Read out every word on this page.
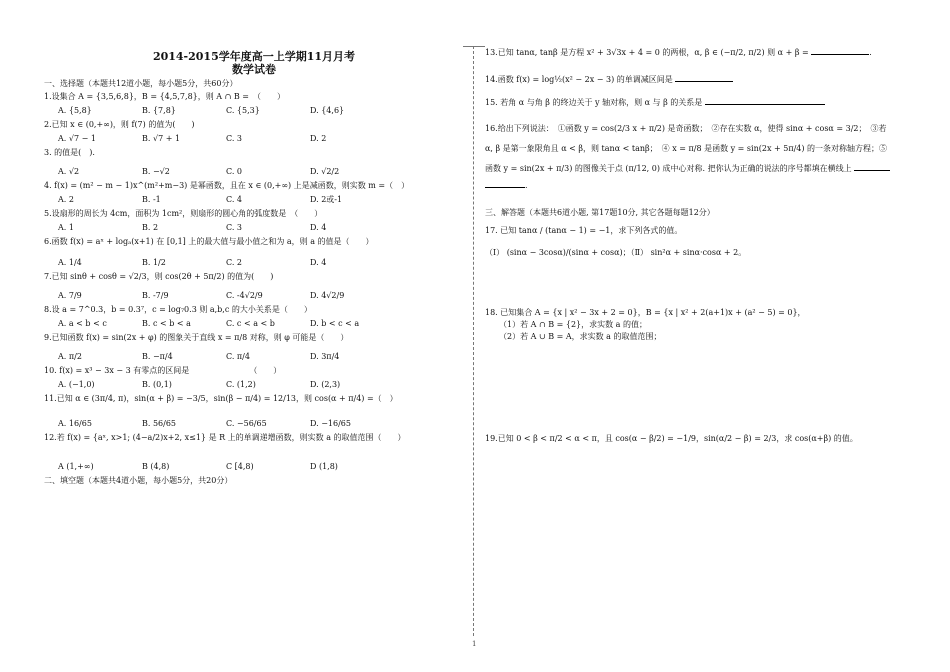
2014-2015学年度高一上学期11月月考
数学试卷
一、选择题（本题共12道小题，每小题5分，共60分）
1.设集合 A = {3,5,6,8}，B = {4,5,7,8}，则 A ∩ B =　（　　）
A. {5,8}	B. {7,8}	C. {5,3}	D. {4,6}
2.已知 x ∈ (0,+∞)，则 f(7) 的值为(　　)
A. √7 − 1	B. √7 + 1	C. 3	D. 2
3. 的值是(　).
A. √2	B. −√2	C. 0	D. √2/2
4. f(x) = (m² − m − 1)x^(m²+m−3) 是幂函数，且在 x ∈ (0,+∞) 上是减函数，则实数 m =（　）
A. 2	B. -1	C. 4	D. 2或-1
5.设扇形的周长为 4cm，面积为 1cm²，则扇形的圆心角的弧度数是　（　　）
A. 1	B. 2	C. 3	D. 4
6.函数 f(x) = aˣ + logₐ(x+1) 在 [0,1] 上的最大值与最小值之和为 a，则 a 的值是（　　）
A. 1/4	B. 1/2	C. 2	D. 4
7.已知 sinθ + cosθ = √2/3，则 cos(2θ + 5π/2) 的值为(　　)
A. 7/9	B. -7/9	C. -4√2/9	D. 4√2/9
8.设 a = 7^0.3，b = 0.3⁷，c = log₇0.3 则 a,b,c 的大小关系是（　　）
A. a < b < c	B. c < b < a	C. c < a < b	D. b < c < a
9.已知函数 f(x) = sin(2x + φ) 的图象关于直线 x = π/8 对称，则 φ 可能是（　　）
A. π/2	B. −π/4	C. π/4	D. 3π/4
10. f(x) = x³ − 3x − 3 有零点的区间是	（　　）
A. (−1,0)	B. (0,1)	C. (1,2)	D. (2,3)
11.已知 α ∈ (3π/4, π)，sin(α + β) = −3/5，sin(β − π/4) = 12/13，则 cos(α + π/4) =（　）
A. 16/65	B. 56/65	C. −56/65	D. −16/65
12.若 f(x) = {aˣ, x>1; (4−a/2)x+2, x≤1} 是 R 上的单调递增函数，则实数 a 的取值范围（　　）
A (1,+∞)	B (4,8)	C [4,8)	D (1,8)
二、填空题（本题共4道小题，每小题5分，共20分）
13.已知 tanα, tanβ 是方程 x² + 3√3x + 4 = 0 的两根，α, β ∈ (−π/2, π/2) 则 α + β =	.
14.函数 f(x) = log½(x² − 2x − 3) 的单调减区间是
15. 若角 α 与角 β 的终边关于 y 轴对称，则 α 与 β 的关系是
16.给出下列说法：　①函数 y = cos(2/3 x + π/2) 是奇函数；　②存在实数 α，使得 sinα + cosα = 3/2；　③若
α, β 是第一象限角且 α < β，则 tanα < tanβ；　④ x = π/8 是函数 y = sin(2x + 5π/4) 的一条对称轴方程；⑤
函数 y = sin(2x + π/3) 的图像关于点 (π/12, 0) 成中心对称. 把你认为正确的说法的序号都填在横线上
.
三、解答题（本题共6道小题, 第17题10分, 其它各题每题12分）
17. 已知 tanα / (tanα − 1) = −1，求下列各式的值。
（Ⅰ） (sinα − 3cosα)/(sinα + cosα)；（Ⅱ） sin²α + sinα·cosα + 2。
18. 已知集合 A = {x | x² − 3x + 2 = 0}，B = {x | x² + 2(a+1)x + (a² − 5) = 0}，
（1）若 A ∩ B = {2}，求实数 a 的值；
（2）若 A ∪ B = A，求实数 a 的取值范围；
19.已知 0 < β < π/2 < α < π，且 cos(α − β/2) = −1/9，sin(α/2 − β) = 2/3，求 cos(α+β) 的值。
1
